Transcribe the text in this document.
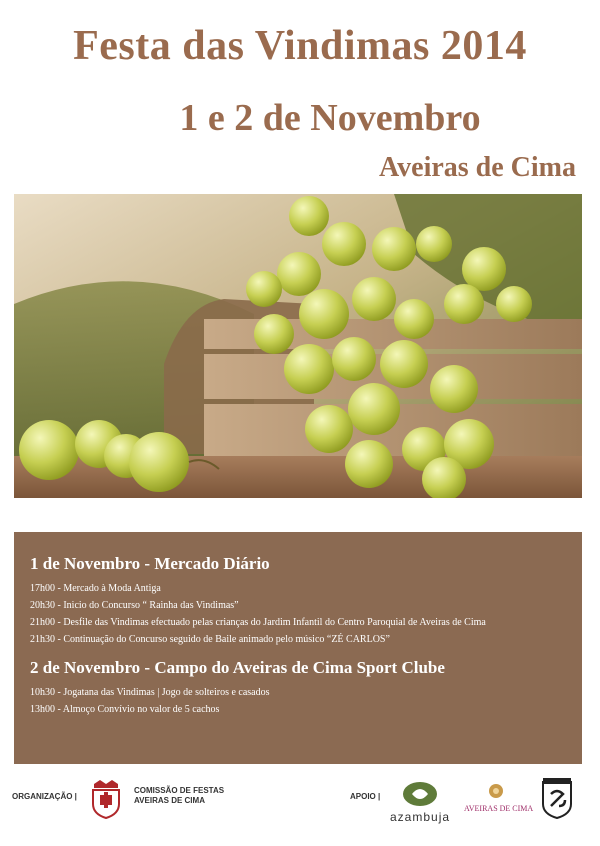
Festa das Vindimas 2014
1 e 2 de Novembro
Aveiras de Cima
1 de Novembro - Mercado Diário
17h00 - Mercado à Moda Antiga
20h30 - Inicio do Concurso “ Rainha das Vindimas”
21h00 - Desfile das Vindimas efectuado pelas crianças do Jardim Infantil do Centro Paroquial de Aveiras de Cima
21h30 - Continuação do Concurso seguido de Baile animado pelo músico “ZÉ CARLOS”
2 de Novembro - Campo do Aveiras de Cima Sport Clube
10h30 - Jogatana das Vindimas | Jogo de solteiros e casados
13h00 - Almoço Convívio no valor de 5 cachos
ORGANIZAÇÃO |
COMISSÃO DE FESTAS
AVEIRAS DE CIMA	APOIO |
azambuja
AVEIRAS DE CIMA
